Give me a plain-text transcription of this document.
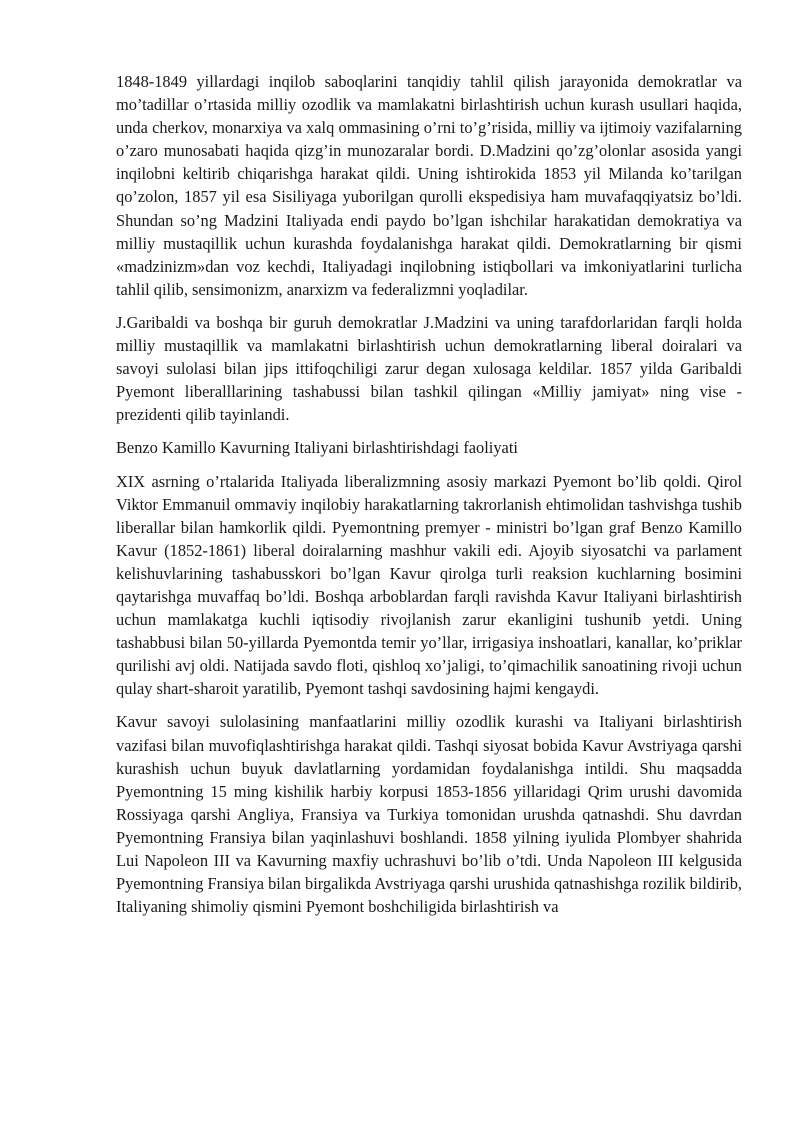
1848-1849 yillardagi inqilob saboqlarini tanqidiy tahlil qilish jarayonida demokratlar va mo’tadillar o’rtasida milliy ozodlik va mamlakatni birlashtirish uchun kurash usullari haqida, unda cherkov, monarxiya va xalq ommasining o’rni to’g’risida, milliy va ijtimoiy vazifalarning o’zaro munosabati haqida qizg’in munozaralar bordi. D.Madzini qo’zg’olonlar asosida yangi inqilobni keltirib chiqarishga harakat qildi. Uning ishtirokida 1853 yil Milanda ko’tarilgan qo’zolon, 1857 yil esa Sisiliyaga yuborilgan qurolli ekspedisiya ham muvafaqqiyatsiz bo’ldi. Shundan so’ng Madzini Italiyada endi paydo bo’lgan ishchilar harakatidan demokratiya va milliy mustaqillik uchun kurashda foydalanishga harakat qildi. Demokratlarning bir qismi «madzinizm»dan voz kechdi, Italiyadagi inqilobning istiqbollari va imkoniyatlarini turlicha tahlil qilib, sensimonizm, anarxizm va federalizmni yoqladilar.

J.Garibaldi va boshqa bir guruh demokratlar J.Madzini va uning tarafdorlaridan farqli holda milliy mustaqillik va mamlakatni birlashtirish uchun demokratlarning liberal doiralari va savoyi sulolasi bilan jips ittifoqchiligi zarur degan xulosaga keldilar. 1857 yilda Garibaldi Pyemont liberalllarining tashabussi bilan tashkil qilingan «Milliy jamiyat» ning vise - prezidenti qilib tayinlandi.

Benzo Kamillo Kavurning Italiyani birlashtirishdagi faoliyati

XIX asrning o’rtalarida Italiyada liberalizmning asosiy markazi Pyemont bo’lib qoldi. Qirol Viktor Emmanuil ommaviy inqilobiy harakatlarning takrorlanish ehtimolidan tashvishga tushib liberallar bilan hamkorlik qildi. Pyemontning premyer - ministri bo’lgan graf Benzo Kamillo Kavur (1852-1861) liberal doiralarning mashhur vakili edi. Ajoyib siyosatchi va parlament kelishuvlarining tashabusskori bo’lgan Kavur qirolga turli reaksion kuchlarning bosimini qaytarishga muvaffaq bo’ldi. Boshqa arboblardan farqli ravishda Kavur Italiyani birlashtirish uchun mamlakatga kuchli iqtisodiy rivojlanish zarur ekanligini tushunib yetdi. Uning tashabbusi bilan 50-yillarda Pyemontda temir yo’llar, irrigasiya inshoatlari, kanallar, ko’priklar qurilishi avj oldi. Natijada savdo floti, qishloq xo’jaligi, to’qimachilik sanoatining rivoji uchun qulay shart-sharoit yaratilib, Pyemont tashqi savdosining hajmi kengaydi.

Kavur savoyi sulolasining manfaatlarini milliy ozodlik kurashi va Italiyani birlashtirish vazifasi bilan muvofiqlashtirishga harakat qildi. Tashqi siyosat bobida Kavur Avstriyaga qarshi kurashish uchun buyuk davlatlarning yordamidan foydalanishga intildi. Shu maqsadda Pyemontning 15 ming kishilik harbiy korpusi 1853-1856 yillaridagi Qrim urushi davomida Rossiyaga qarshi Angliya, Fransiya va Turkiya tomonidan urushda qatnashdi. Shu davrdan Pyemontning Fransiya bilan yaqinlashuvi boshlandi. 1858 yilning iyulida Plombyer shahrida Lui Napoleon III va Kavurning maxfiy uchrashuvi bo’lib o’tdi. Unda Napoleon III kelgusida Pyemontning Fransiya bilan birgalikda Avstriyaga qarshi urushida qatnashishga rozilik bildirib, Italiyaning shimoliy qismini Pyemont boshchiligida birlashtirish va
